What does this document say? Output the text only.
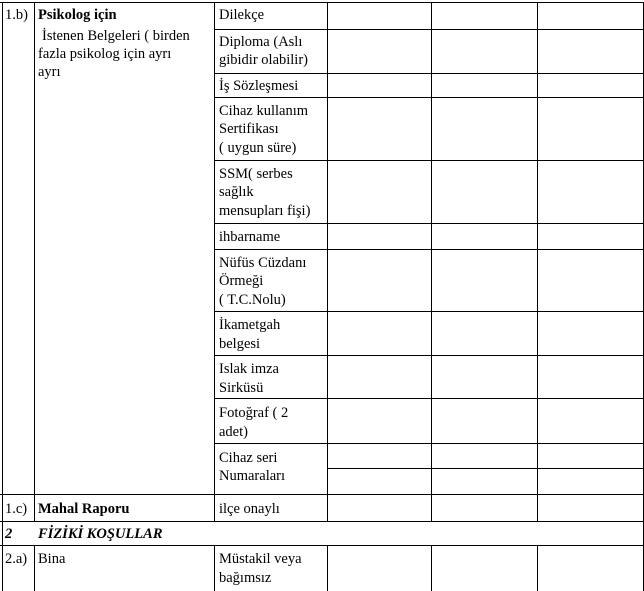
1.b) Psikolog için
İstenen Belgeleri ( birden
fazla psikolog için ayrı
ayrı
Dilekçe
Diploma (Aslı
gibidir olabilir)
İş Sözleşmesi
Cihaz kullanım
Sertifikası
( uygun süre)
SSM( serbes
sağlık
mensupları fişi)
ihbarname
Nüfüs Cüzdanı
Örmeği
( T.C.Nolu)
İkametgah
belgesi
Islak imza
Sirküsü
Fotoğraf ( 2
adet)
Cihaz seri
Numaraları
1.c) Mahal Raporu	ilçe onaylı
2 FİZİKİ KOŞULLAR
2.a) Bina	Müstakil veya
bağımsız
